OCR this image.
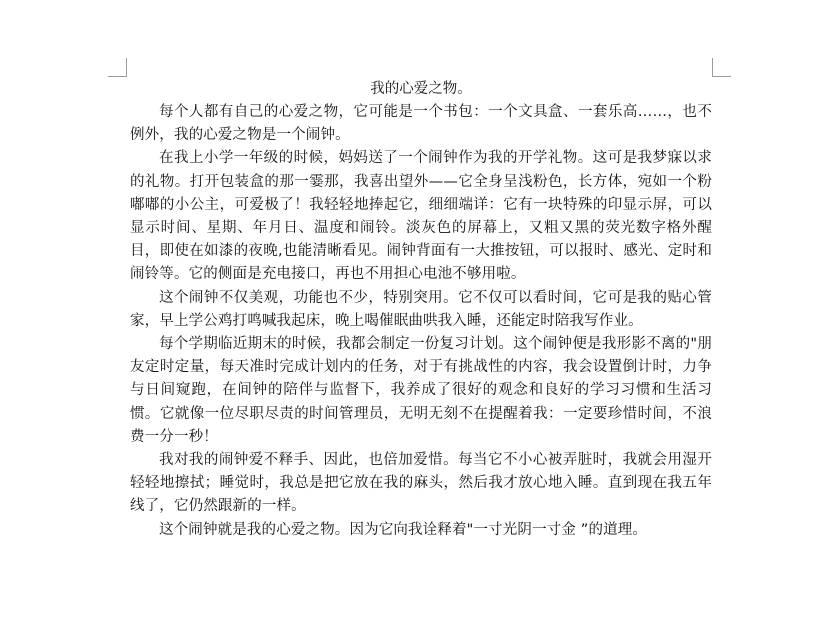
我的心爱之物。

每个人都有自己的心爱之物，它可能是一个书包：一个文具盒、一套乐高……，也不例外，我的心爱之物是一个闹钟。

在我上小学一年级的时候，妈妈送了一个闹钟作为我的开学礼物。这可是我梦寐以求的礼物。打开包装盒的那一霎那，我喜出望外——它全身呈浅粉色，长方体，宛如一个粉嘟嘟的小公主，可爱极了！我轻轻地捧起它，细细端详：它有一块特殊的印显示屏，可以显示时间、星期、年月日、温度和闹铃。淡灰色的屏幕上，又粗又黑的荧光数字格外醒目，即使在如漆的夜晚,也能清晰看见。闹钟背面有一大推按钮，可以报时、感光、定时和闹铃等。它的侧面是充电接口，再也不用担心电池不够用啦。

这个闹钟不仅美观，功能也不少，特别突用。它不仅可以看时间，它可是我的贴心管家，早上学公鸡打鸣喊我起床，晚上喝催眠曲哄我入睡，还能定时陪我写作业。

每个学期临近期末的时候，我都会制定一份复习计划。这个闹钟便是我形影不离的"朋友定时定量，每天准时完成计划内的任务，对于有挑战性的内容，我会设置倒计时，力争与日间窥跑，在间钟的陪伴与监督下，我养成了很好的观念和良好的学习习惯和生活习惯。它就像一位尽职尽责的时间管理员，无明无刻不在提醒着我：一定要珍惜时间，不浪费一分一秒！

我对我的闹钟爱不释手、因此，也倍加爱惜。每当它不小心被弄脏时，我就会用湿开轻轻地擦拭；睡觉时，我总是把它放在我的麻头，然后我才放心地入睡。直到现在我五年线了，它仍然跟新的一样。

这个闹钟就是我的心爱之物。因为它向我诠释着"一寸光阴一寸金 ”的道理。
